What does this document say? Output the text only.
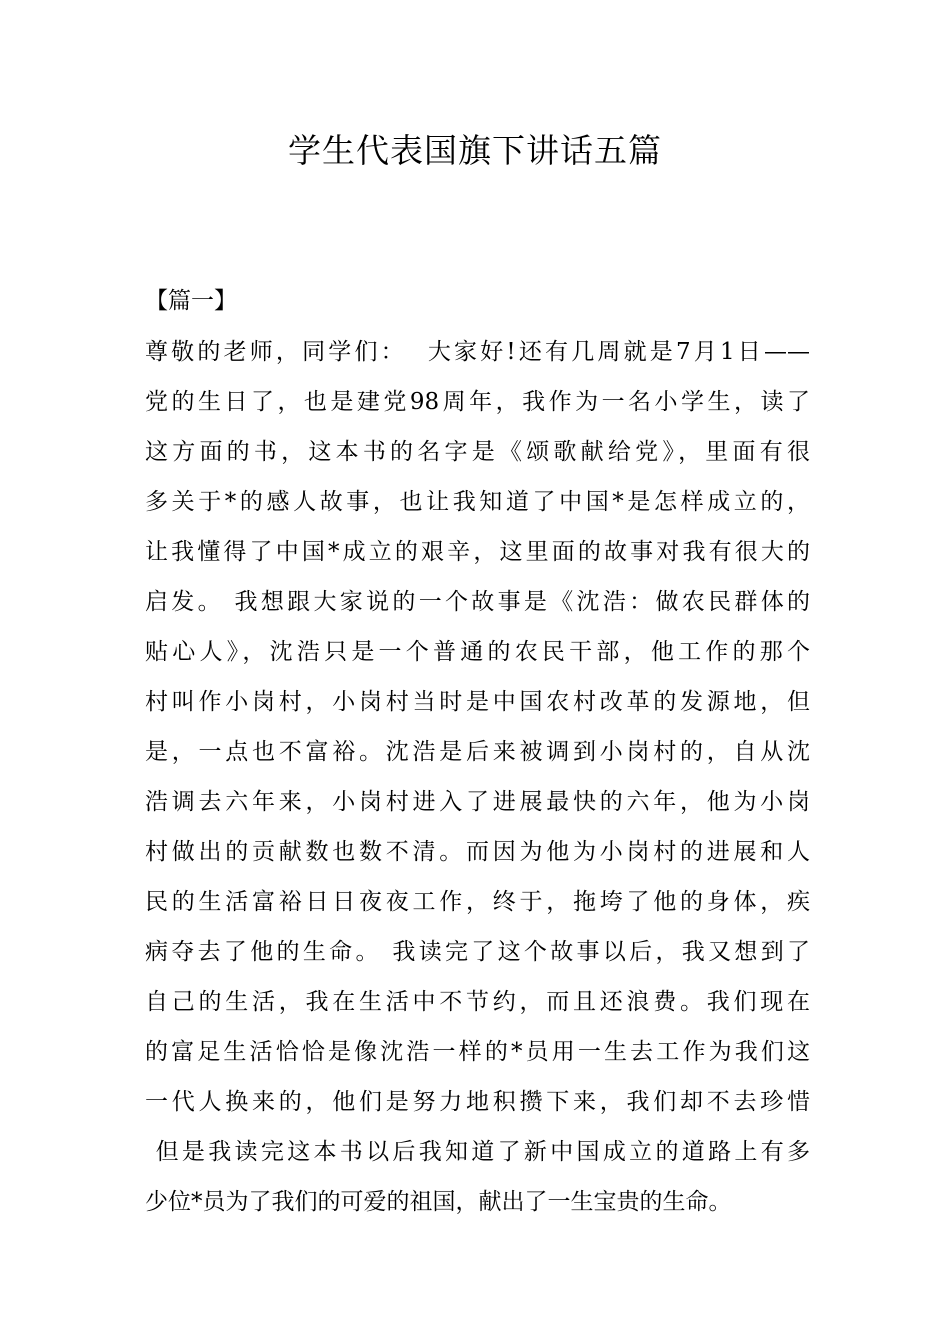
学生代表国旗下讲话五篇
【篇一】
尊敬的老师，同学们：  大家好!还有几周就是7月1日——
党的生日了，也是建党98周年，我作为一名小学生，读了
这方面的书，这本书的名字是《颂歌献给党》，里面有很
多关于*的感人故事，也让我知道了中国*是怎样成立的，
让我懂得了中国*成立的艰辛，这里面的故事对我有很大的
启发。 我想跟大家说的一个故事是《沈浩：做农民群体的
贴心人》，沈浩只是一个普通的农民干部，他工作的那个
村叫作小岗村，小岗村当时是中国农村改革的发源地，但
是，一点也不富裕。沈浩是后来被调到小岗村的，自从沈
浩调去六年来，小岗村进入了进展最快的六年，他为小岗
村做出的贡献数也数不清。而因为他为小岗村的进展和人
民的生活富裕日日夜夜工作，终于，拖垮了他的身体，疾
病夺去了他的生命。 我读完了这个故事以后，我又想到了
自己的生活，我在生活中不节约，而且还浪费。我们现在
的富足生活恰恰是像沈浩一样的*员用一生去工作为我们这
一代人换来的，他们是努力地积攒下来，我们却不去珍惜
但是我读完这本书以后我知道了新中国成立的道路上有多
少位*员为了我们的可爱的祖国，献出了一生宝贵的生命。
